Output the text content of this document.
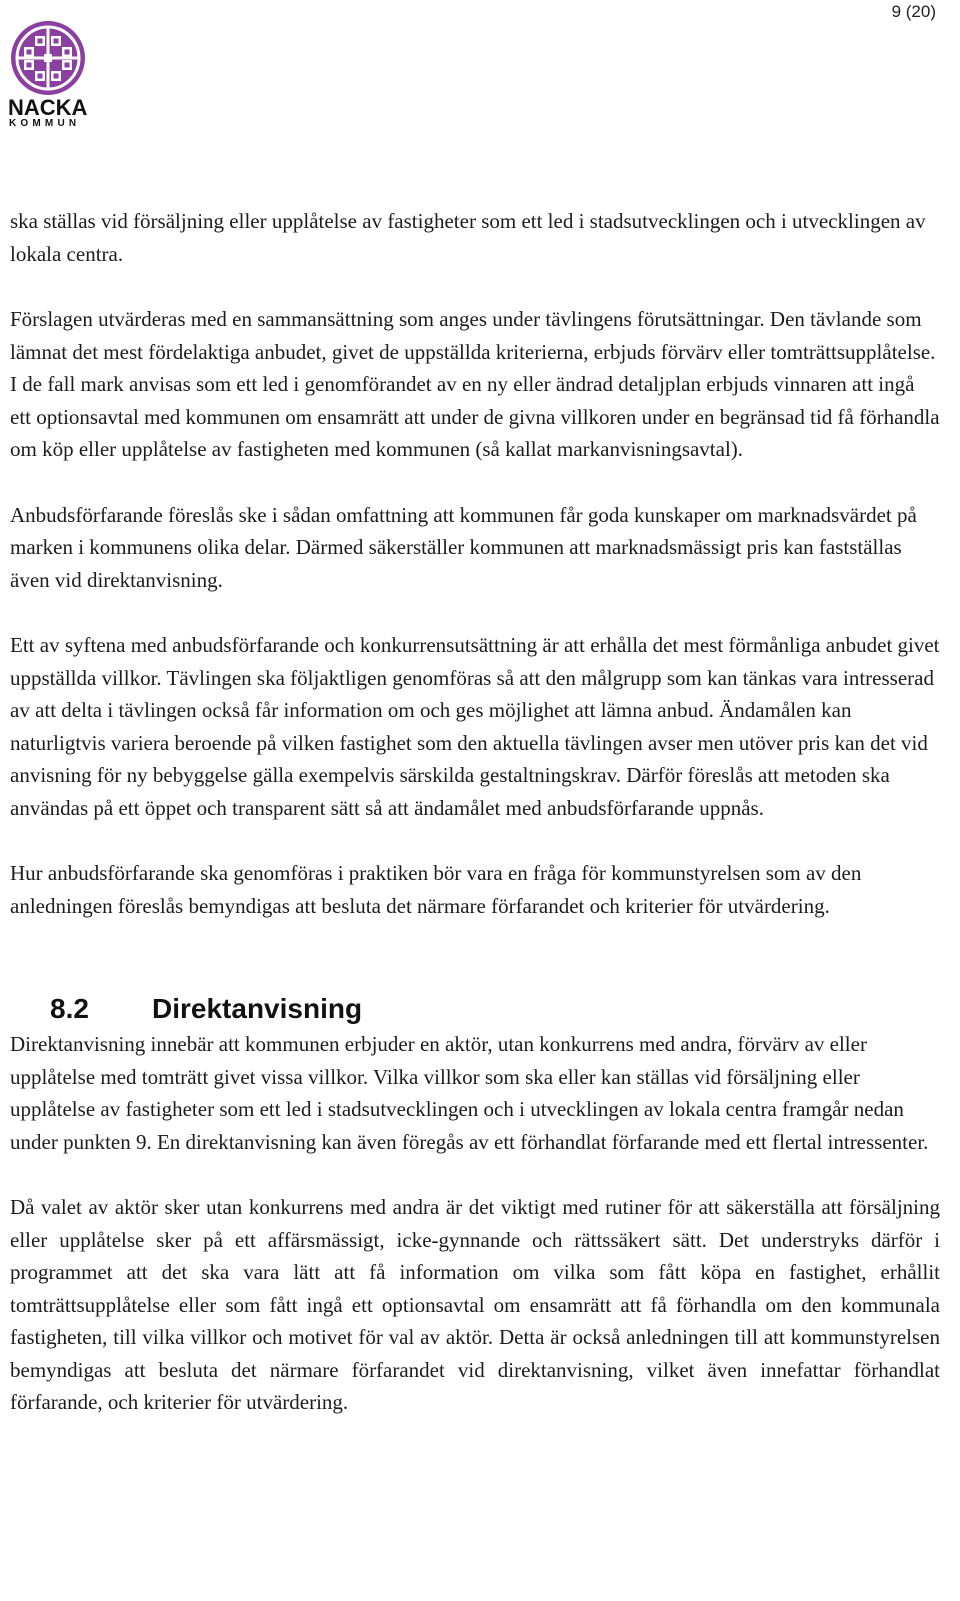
9 (20)
NACKA
KOMMUN

ska ställas vid försäljning eller upplåtelse av fastigheter som ett led i stadsutvecklingen och i utvecklingen av lokala centra.

Förslagen utvärderas med en sammansättning som anges under tävlingens förutsättningar. Den tävlande som lämnat det mest fördelaktiga anbudet, givet de uppställda kriterierna, erbjuds förvärv eller tomträttsupplåtelse. I de fall mark anvisas som ett led i genomförandet av en ny eller ändrad detaljplan erbjuds vinnaren att ingå ett optionsavtal med kommunen om ensamrätt att under de givna villkoren under en begränsad tid få förhandla om köp eller upplåtelse av fastigheten med kommunen (så kallat markanvisningsavtal).

Anbudsförfarande föreslås ske i sådan omfattning att kommunen får goda kunskaper om marknadsvärdet på marken i kommunens olika delar. Därmed säkerställer kommunen att marknadsmässigt pris kan fastställas även vid direktanvisning.

Ett av syftena med anbudsförfarande och konkurrensutsättning är att erhålla det mest förmånliga anbudet givet uppställda villkor. Tävlingen ska följaktligen genomföras så att den målgrupp som kan tänkas vara intresserad av att delta i tävlingen också får information om och ges möjlighet att lämna anbud. Ändamålen kan naturligtvis variera beroende på vilken fastighet som den aktuella tävlingen avser men utöver pris kan det vid anvisning för ny bebyggelse gälla exempelvis särskilda gestaltningskrav. Därför föreslås att metoden ska användas på ett öppet och transparent sätt så att ändamålet med anbudsförfarande uppnås.

Hur anbudsförfarande ska genomföras i praktiken bör vara en fråga för kommunstyrelsen som av den anledningen föreslås bemyndigas att besluta det närmare förfarandet och kriterier för utvärdering.

8.2 Direktanvisning

Direktanvisning innebär att kommunen erbjuder en aktör, utan konkurrens med andra, förvärv av eller upplåtelse med tomträtt givet vissa villkor. Vilka villkor som ska eller kan ställas vid försäljning eller upplåtelse av fastigheter som ett led i stadsutvecklingen och i utvecklingen av lokala centra framgår nedan under punkten 9. En direktanvisning kan även föregås av ett förhandlat förfarande med ett flertal intressenter.

Då valet av aktör sker utan konkurrens med andra är det viktigt med rutiner för att säkerställa att försäljning eller upplåtelse sker på ett affärsmässigt, icke-gynnande och rättssäkert sätt. Det understryks därför i programmet att det ska vara lätt att få information om vilka som fått köpa en fastighet, erhållit tomträttsupplåtelse eller som fått ingå ett optionsavtal om ensamrätt att få förhandla om den kommunala fastigheten, till vilka villkor och motivet för val av aktör. Detta är också anledningen till att kommunstyrelsen bemyndigas att besluta det närmare förfarandet vid direktanvisning, vilket även innefattar förhandlat förfarande, och kriterier för utvärdering.
